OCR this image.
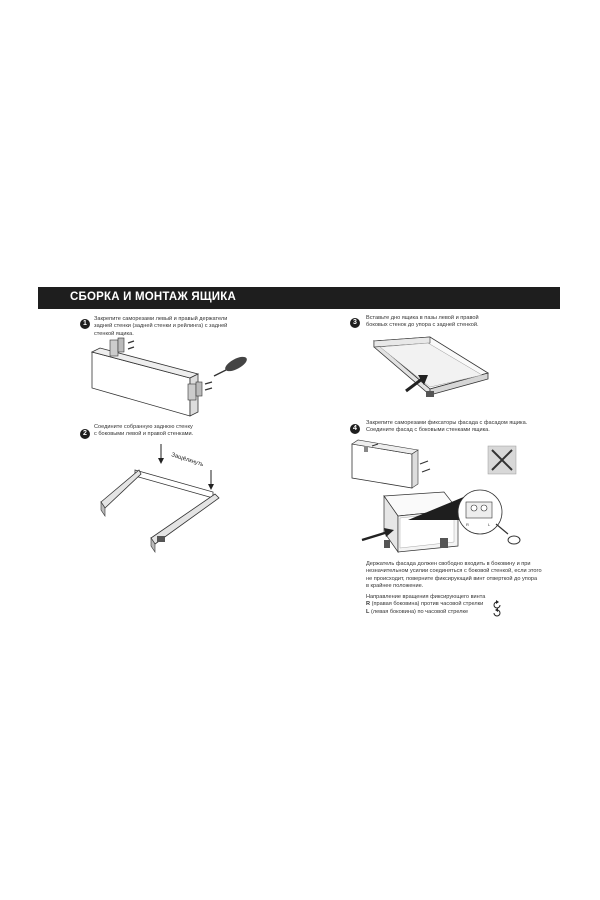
СБОРКА И МОНТАЖ ЯЩИКА
1
Закрепите саморезами левый и правый держатели
задней стенки (задней стенки и рейлинга) с задней
стенкой ящика.
2
Соедините собранную заднюю стенку
с боковыми левой и правой стенками.
Защёлкнуть
3
Вставьте дно ящика в пазы левой и правой
боковых стенок до упора с задней стенкой.
4
Закрепите саморезами фиксаторы фасада с фасадом ящика.
Соедините фасад с боковыми стенками ящика.
R	L
Держатель фасада должен свободно входить в боковину и при
незначительном усилии соединяться с боковой стенкой, если этого
не происходит, поверните фиксирующий винт отверткой до упора
в крайнее положение.
Направление вращения фиксирующего винта
R (правая боковина) против часовой стрелки
L (левая боковина) по часовой стрелке
